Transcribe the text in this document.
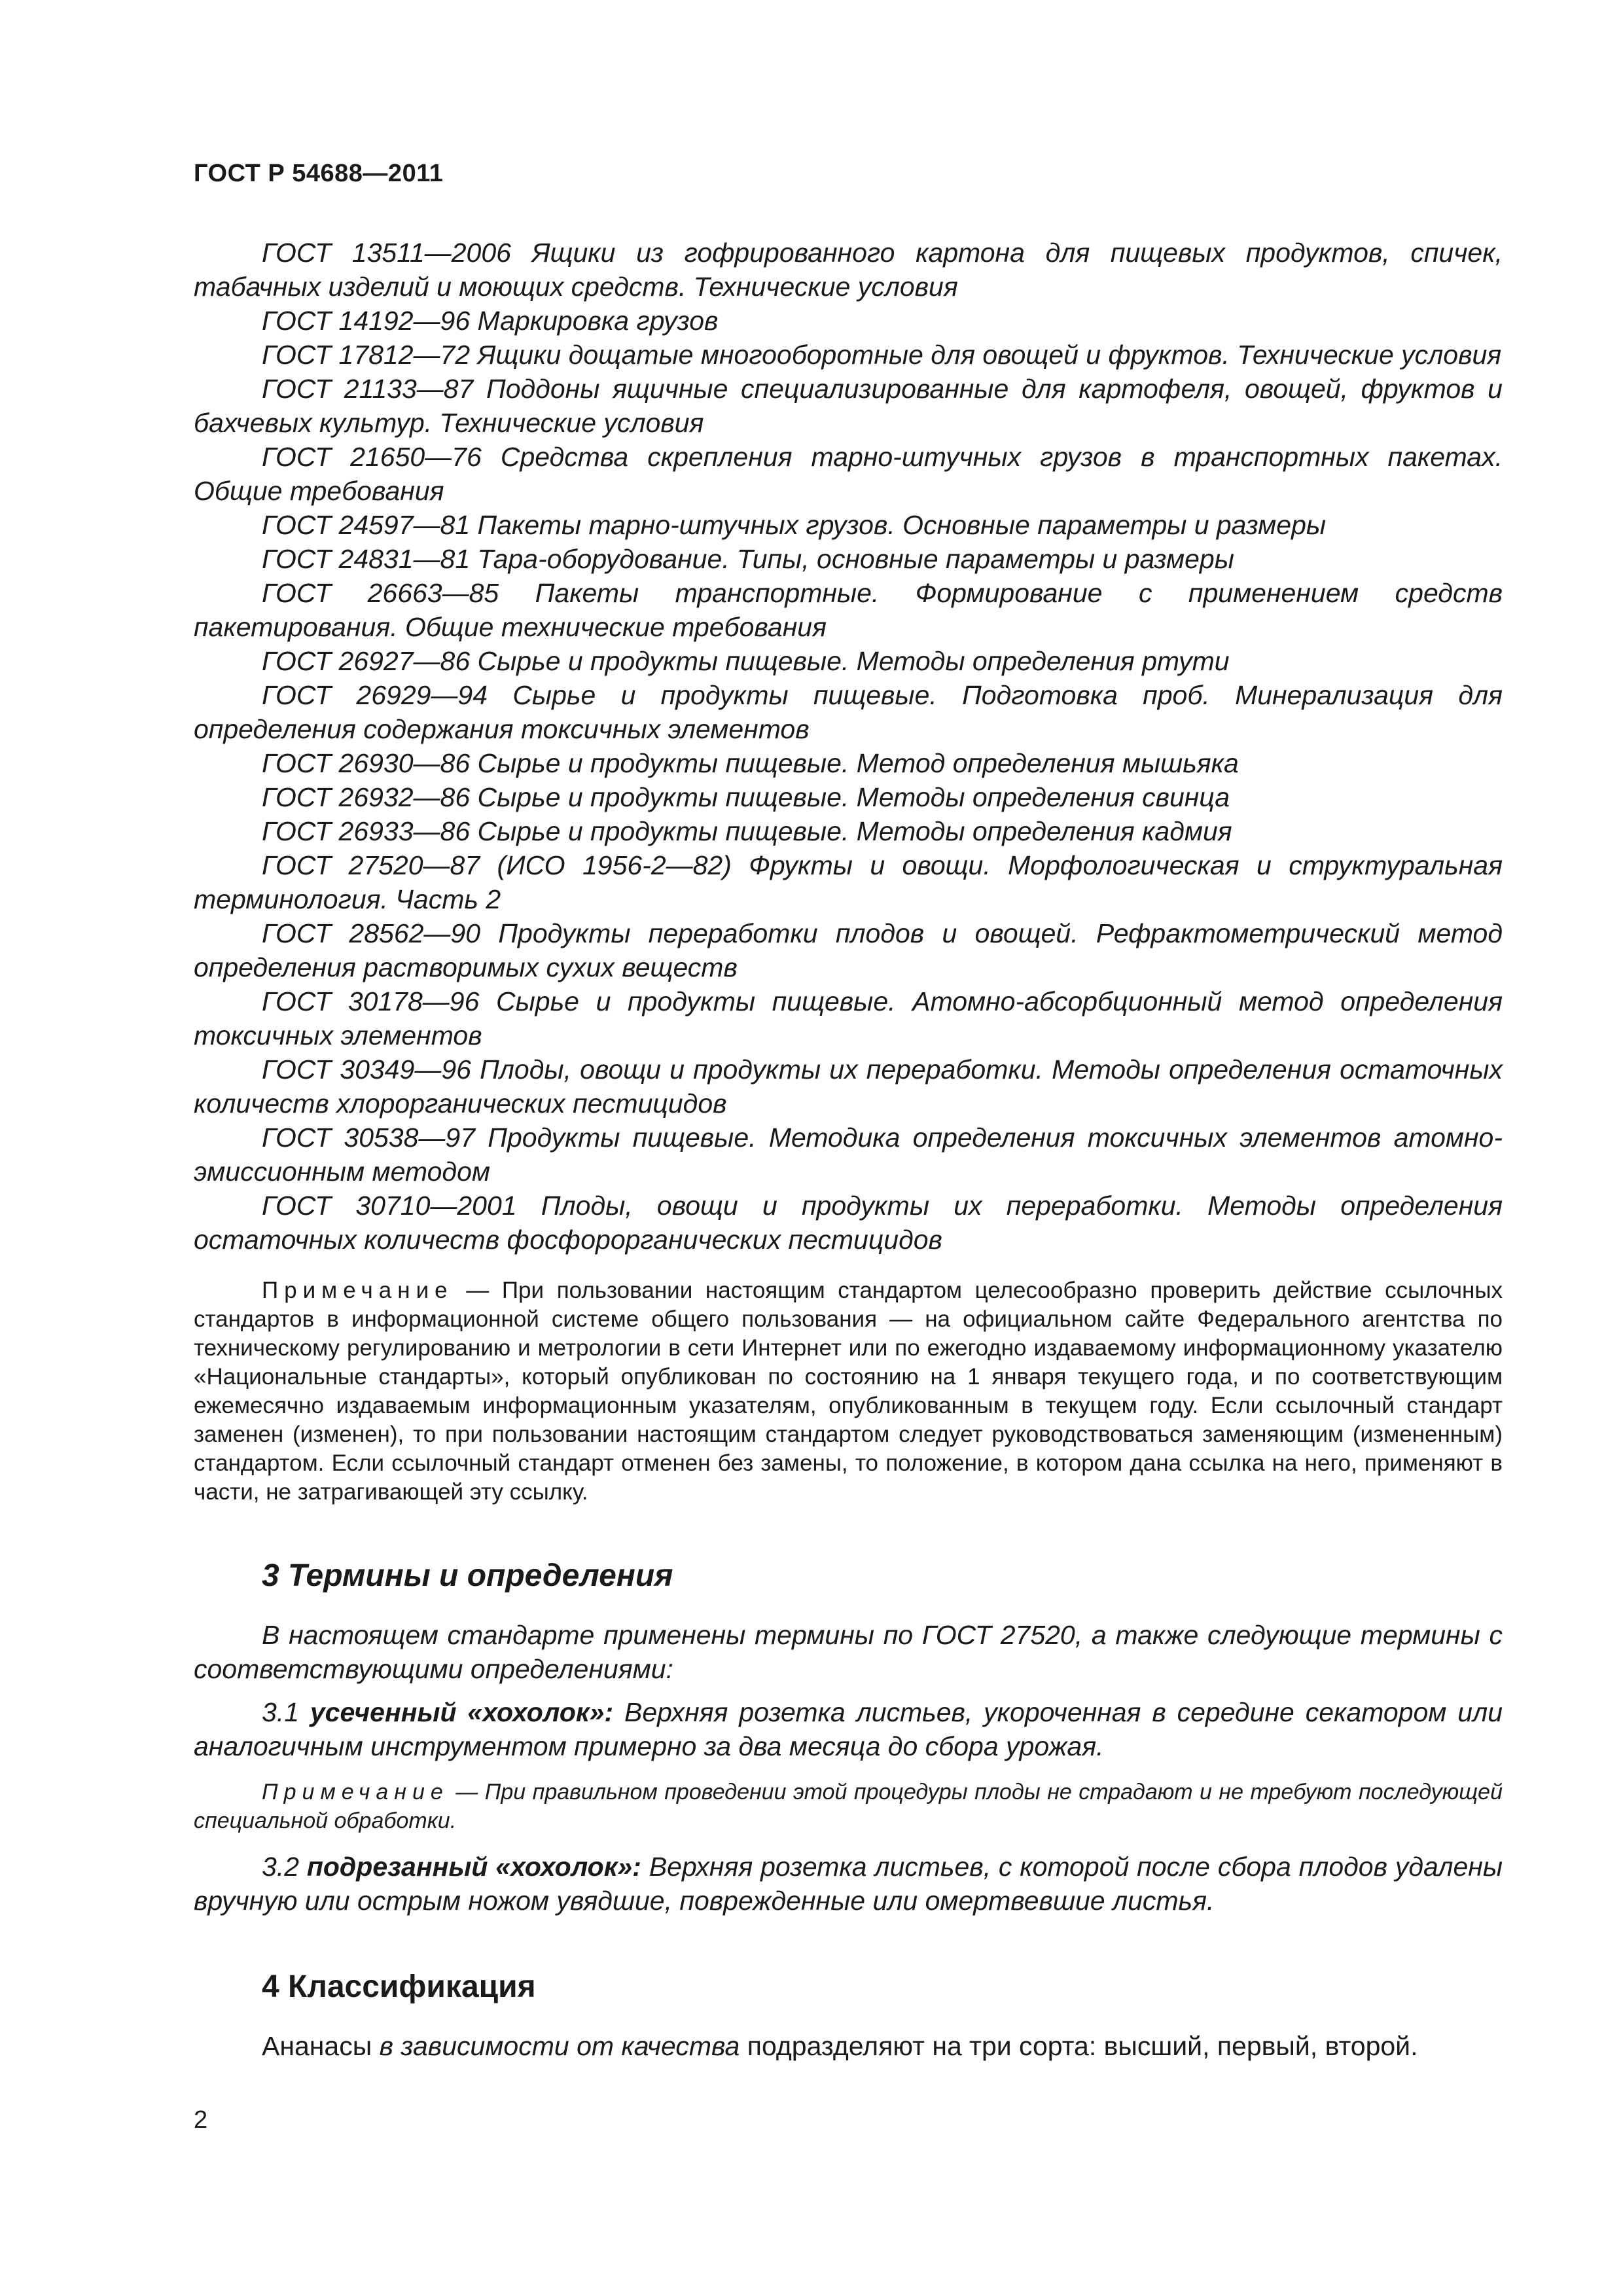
ГОСТ Р 54688—2011

ГОСТ 13511—2006 Ящики из гофрированного картона для пищевых продуктов, спичек, табачных изделий и моющих средств. Технические условия

ГОСТ 14192—96 Маркировка грузов

ГОСТ 17812—72 Ящики дощатые многооборотные для овощей и фруктов. Технические условия

ГОСТ 21133—87 Поддоны ящичные специализированные для картофеля, овощей, фруктов и бахчевых культур. Технические условия

ГОСТ 21650—76 Средства скрепления тарно-штучных грузов в транспортных пакетах. Общие требования

ГОСТ 24597—81 Пакеты тарно-штучных грузов. Основные параметры и размеры

ГОСТ 24831—81 Тара-оборудование. Типы, основные параметры и размеры

ГОСТ 26663—85 Пакеты транспортные. Формирование с применением средств пакетирования. Общие технические требования

ГОСТ 26927—86 Сырье и продукты пищевые. Методы определения ртути

ГОСТ 26929—94 Сырье и продукты пищевые. Подготовка проб. Минерализация для определения содержания токсичных элементов

ГОСТ 26930—86 Сырье и продукты пищевые. Метод определения мышьяка

ГОСТ 26932—86 Сырье и продукты пищевые. Методы определения свинца

ГОСТ 26933—86 Сырье и продукты пищевые. Методы определения кадмия

ГОСТ 27520—87 (ИСО 1956-2—82) Фрукты и овощи. Морфологическая и структуральная терминология. Часть 2

ГОСТ 28562—90 Продукты переработки плодов и овощей. Рефрактометрический метод определения растворимых сухих веществ

ГОСТ 30178—96 Сырье и продукты пищевые. Атомно-абсорбционный метод определения токсичных элементов

ГОСТ 30349—96 Плоды, овощи и продукты их переработки. Методы определения остаточных количеств хлорорганических пестицидов

ГОСТ 30538—97 Продукты пищевые. Методика определения токсичных элементов атомно-эмиссионным методом

ГОСТ 30710—2001 Плоды, овощи и продукты их переработки. Методы определения остаточных количеств фосфорорганических пестицидов

Примечание — При пользовании настоящим стандартом целесообразно проверить действие ссылочных стандартов в информационной системе общего пользования — на официальном сайте Федерального агентства по техническому регулированию и метрологии в сети Интернет или по ежегодно издаваемому информационному указателю «Национальные стандарты», который опубликован по состоянию на 1 января текущего года, и по соответствующим ежемесячно издаваемым информационным указателям, опубликованным в текущем году. Если ссылочный стандарт заменен (изменен), то при пользовании настоящим стандартом следует руководствоваться заменяющим (измененным) стандартом. Если ссылочный стандарт отменен без замены, то положение, в котором дана ссылка на него, применяют в части, не затрагивающей эту ссылку.

3 Термины и определения

В настоящем стандарте применены термины по ГОСТ 27520, а также следующие термины с соответствующими определениями:

3.1 усеченный «хохолок»: Верхняя розетка листьев, укороченная в середине секатором или аналогичным инструментом примерно за два месяца до сбора урожая.

Примечание — При правильном проведении этой процедуры плоды не страдают и не требуют последующей специальной обработки.

3.2 подрезанный «хохолок»: Верхняя розетка листьев, с которой после сбора плодов удалены вручную или острым ножом увядшие, поврежденные или омертвевшие листья.

4 Классификация

Ананасы в зависимости от качества подразделяют на три сорта: высший, первый, второй.

2
